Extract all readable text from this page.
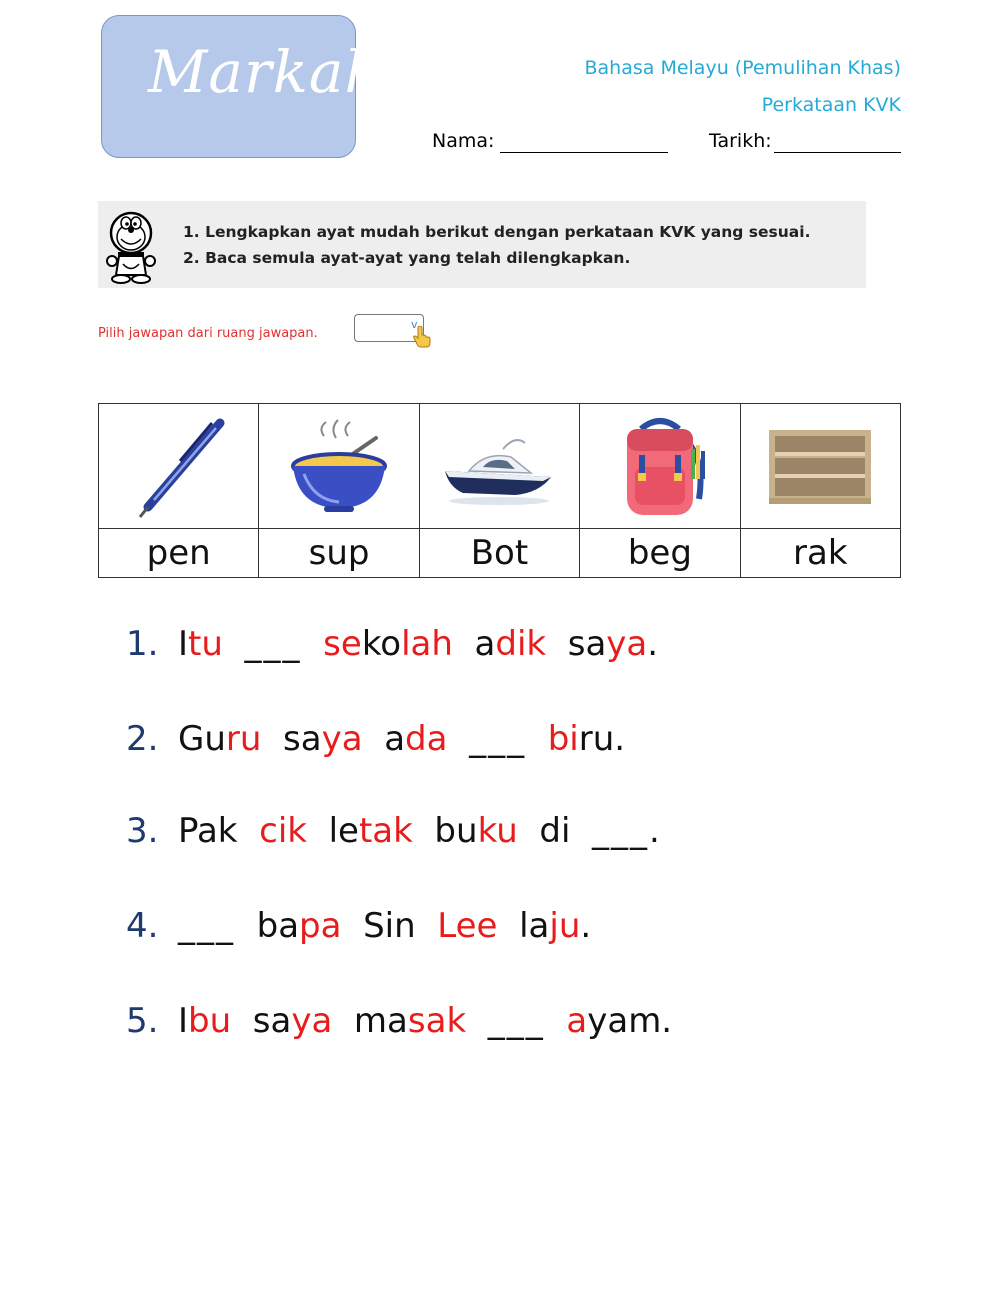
Markah	Bahasa Melayu (Pemulihan Khas)
Perkataan KVK
Nama:	Tarikh:
1. Lengkapkan ayat mudah berikut dengan perkataan KVK yang sesuai.
2. Baca semula ayat-ayat yang telah dilengkapkan.
Pilih jawapan dari ruang jawapan.
v

pen	sup	Bot	beg	rak
1. Itu ___ sekolah  adik  saya.
2. Guru  saya  ada ___ biru.
3. Pak  cik  letak  buku  di  ___.
4. ___  bapa  Sin  Lee  laju.
5. Ibu  saya  masak ___ ayam.
